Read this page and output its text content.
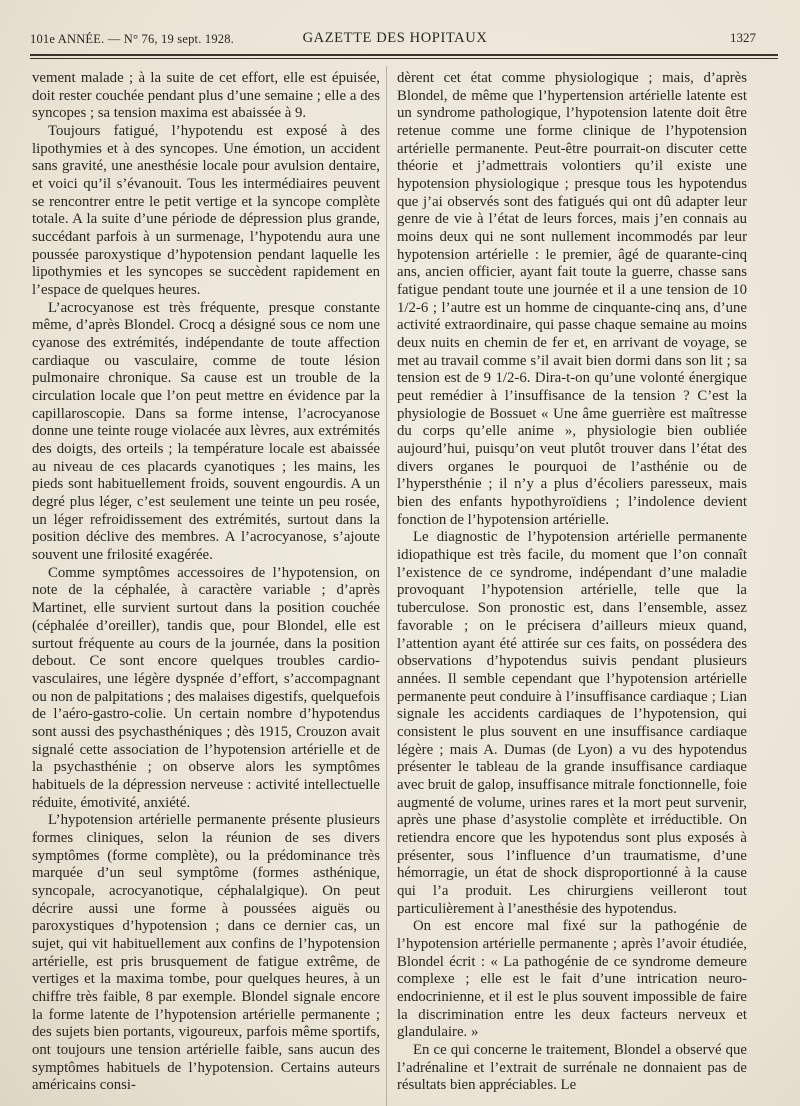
101e ANNÉE. — N° 76, 19 sept. 1928.	GAZETTE DES HOPITAUX	1327

vement malade ; à la suite de cet effort, elle est épuisée, doit rester couchée pendant plus d’une semaine ; elle a des syncopes ; sa tension maxima est abaissée à 9.

Toujours fatigué, l’hypotendu est exposé à des lipothymies et à des syncopes. Une émotion, un accident sans gravité, une anesthésie locale pour avulsion dentaire, et voici qu’il s’évanouit. Tous les intermédiaires peuvent se rencontrer entre le petit vertige et la syncope complète totale. A la suite d’une période de dépression plus grande, succédant parfois à un surmenage, l’hypotendu aura une poussée paroxystique d’hypotension pendant laquelle les lipothymies et les syncopes se succèdent rapidement en l’espace de quelques heures.

L’acrocyanose est très fréquente, presque constante même, d’après Blondel. Crocq a désigné sous ce nom une cyanose des extrémités, indépendante de toute affection cardiaque ou vasculaire, comme de toute lésion pulmonaire chronique. Sa cause est un trouble de la circulation locale que l’on peut mettre en évidence par la capillaroscopie. Dans sa forme intense, l’acrocyanose donne une teinte rouge violacée aux lèvres, aux extrémités des doigts, des orteils ; la température locale est abaissée au niveau de ces placards cyanotiques ; les mains, les pieds sont habituellement froids, souvent engourdis. A un degré plus léger, c’est seulement une teinte un peu rosée, un léger refroidissement des extrémités, surtout dans la position déclive des membres. A l’acrocyanose, s’ajoute souvent une frilosité exagérée.

Comme symptômes accessoires de l’hypotension, on note de la céphalée, à caractère variable ; d’après Martinet, elle survient surtout dans la position couchée (céphalée d’oreiller), tandis que, pour Blondel, elle est surtout fréquente au cours de la journée, dans la position debout. Ce sont encore quelques troubles cardio-vasculaires, une légère dyspnée d’effort, s’accompagnant ou non de palpitations ; des malaises digestifs, quelquefois de l’aéro-gastro-colie. Un certain nombre d’hypotendus sont aussi des psychasthéniques ; dès 1915, Crouzon avait signalé cette association de l’hypotension artérielle et de la psychasthénie ; on observe alors les symptômes habituels de la dépression nerveuse : activité intellectuelle réduite, émotivité, anxiété.

L’hypotension artérielle permanente présente plusieurs formes cliniques, selon la réunion de ses divers symptômes (forme complète), ou la prédominance très marquée d’un seul symptôme (formes asthénique, syncopale, acrocyanotique, céphalalgique). On peut décrire aussi une forme à poussées aiguës ou paroxystiques d’hypotension ; dans ce dernier cas, un sujet, qui vit habituellement aux confins de l’hypotension artérielle, est pris brusquement de fatigue extrême, de vertiges et la maxima tombe, pour quelques heures, à un chiffre très faible, 8 par exemple. Blondel signale encore la forme latente de l’hypotension artérielle permanente ; des sujets bien portants, vigoureux, parfois même sportifs, ont toujours une tension artérielle faible, sans aucun des symptômes habituels de l’hypotension. Certains auteurs américains consi-

dèrent cet état comme physiologique ; mais, d’après Blondel, de même que l’hypertension artérielle latente est un syndrome pathologique, l’hypotension latente doit être retenue comme une forme clinique de l’hypotension artérielle permanente. Peut-être pourrait-on discuter cette théorie et j’admettrais volontiers qu’il existe une hypotension physiologique ; presque tous les hypotendus que j’ai observés sont des fatigués qui ont dû adapter leur genre de vie à l’état de leurs forces, mais j’en connais au moins deux qui ne sont nullement incommodés par leur hypotension artérielle : le premier, âgé de quarante-cinq ans, ancien officier, ayant fait toute la guerre, chasse sans fatigue pendant toute une journée et il a une tension de 10 1/2-6 ; l’autre est un homme de cinquante-cinq ans, d’une activité extraordinaire, qui passe chaque semaine au moins deux nuits en chemin de fer et, en arrivant de voyage, se met au travail comme s’il avait bien dormi dans son lit ; sa tension est de 9 1/2-6. Dira-t-on qu’une volonté énergique peut remédier à l’insuffisance de la tension ? C’est la physiologie de Bossuet « Une âme guerrière est maîtresse du corps qu’elle anime », physiologie bien oubliée aujourd’hui, puisqu’on veut plutôt trouver dans l’état des divers organes le pourquoi de l’asthénie ou de l’hypersthénie ; il n’y a plus d’écoliers paresseux, mais bien des enfants hypothyroïdiens ; l’indolence devient fonction de l’hypotension artérielle.

Le diagnostic de l’hypotension artérielle permanente idiopathique est très facile, du moment que l’on connaît l’existence de ce syndrome, indépendant d’une maladie provoquant l’hypotension artérielle, telle que la tuberculose. Son pronostic est, dans l’ensemble, assez favorable ; on le précisera d’ailleurs mieux quand, l’attention ayant été attirée sur ces faits, on possédera des observations d’hypotendus suivis pendant plusieurs années. Il semble cependant que l’hypotension artérielle permanente peut conduire à l’insuffisance cardiaque ; Lian signale les accidents cardiaques de l’hypotension, qui consistent le plus souvent en une insuffisance cardiaque légère ; mais A. Dumas (de Lyon) a vu des hypotendus présenter le tableau de la grande insuffisance cardiaque avec bruit de galop, insuffisance mitrale fonctionnelle, foie augmenté de volume, urines rares et la mort peut survenir, après une phase d’asystolie complète et irréductible. On retiendra encore que les hypotendus sont plus exposés à présenter, sous l’influence d’un traumatisme, d’une hémorragie, un état de shock disproportionné à la cause qui l’a produit. Les chirurgiens veilleront tout particulièrement à l’anesthésie des hypotendus.

On est encore mal fixé sur la pathogénie de l’hypotension artérielle permanente ; après l’avoir étudiée, Blondel écrit : « La pathogénie de ce syndrome demeure complexe ; elle est le fait d’une intrication neuro-endocrinienne, et il est le plus souvent impossible de faire la discrimination entre les deux facteurs nerveux et glandulaire. »

En ce qui concerne le traitement, Blondel a observé que l’adrénaline et l’extrait de surrénale ne donnaient pas de résultats bien appréciables. Le
